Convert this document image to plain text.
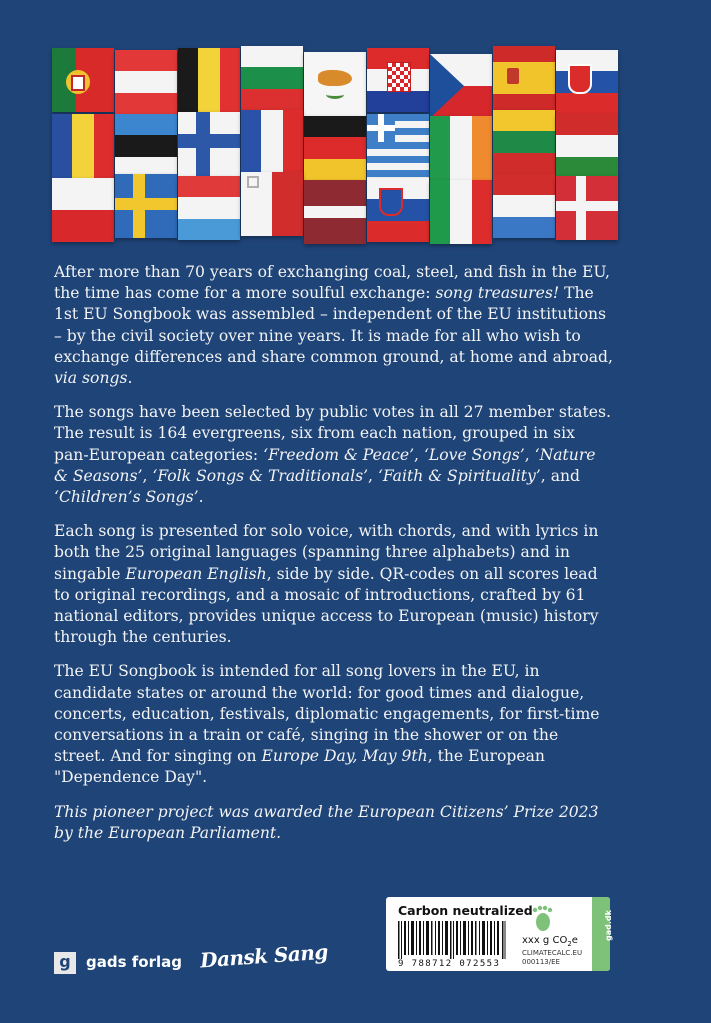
After more than 70 years of exchanging coal, steel, and fish in the EU, the time has come for a more soulful exchange: song treasures! The 1st EU Songbook was assembled – independent of the EU institutions – by the civil society over nine years. It is made for all who wish to exchange differences and share common ground, at home and abroad, via songs.

The songs have been selected by public votes in all 27 member states. The result is 164 evergreens, six from each nation, grouped in six pan-European categories: ‘Freedom & Peace’, ‘Love Songs’, ‘Nature & Seasons’, ‘Folk Songs & Traditionals’, ‘Faith & Spirituality’, and ‘Children’s Songs’.

Each song is presented for solo voice, with chords, and with lyrics in both the 25 original languages (spanning three alphabets) and in singable European English, side by side. QR-codes on all scores lead to original recordings, and a mosaic of introductions, crafted by 61 national editors, provides unique access to European (music) history through the centuries.

The EU Songbook is intended for all song lovers in the EU, in candidate states or around the world: for good times and dialogue, concerts, education, festivals, diplomatic engagements, for first-time conversations in a train or café, singing in the shower or on the street. And for singing on Europe Day, May 9th, the European "Dependence Day".

This pioneer project was awarded the European Citizens’ Prize 2023 by the European Parliament.

g	gads forlag Dansk Sang
Carbon neutralized
9 788712 072553
xxx g $CO_2e$
CLIMATECALC.EU
000113/EE
gad.dk
